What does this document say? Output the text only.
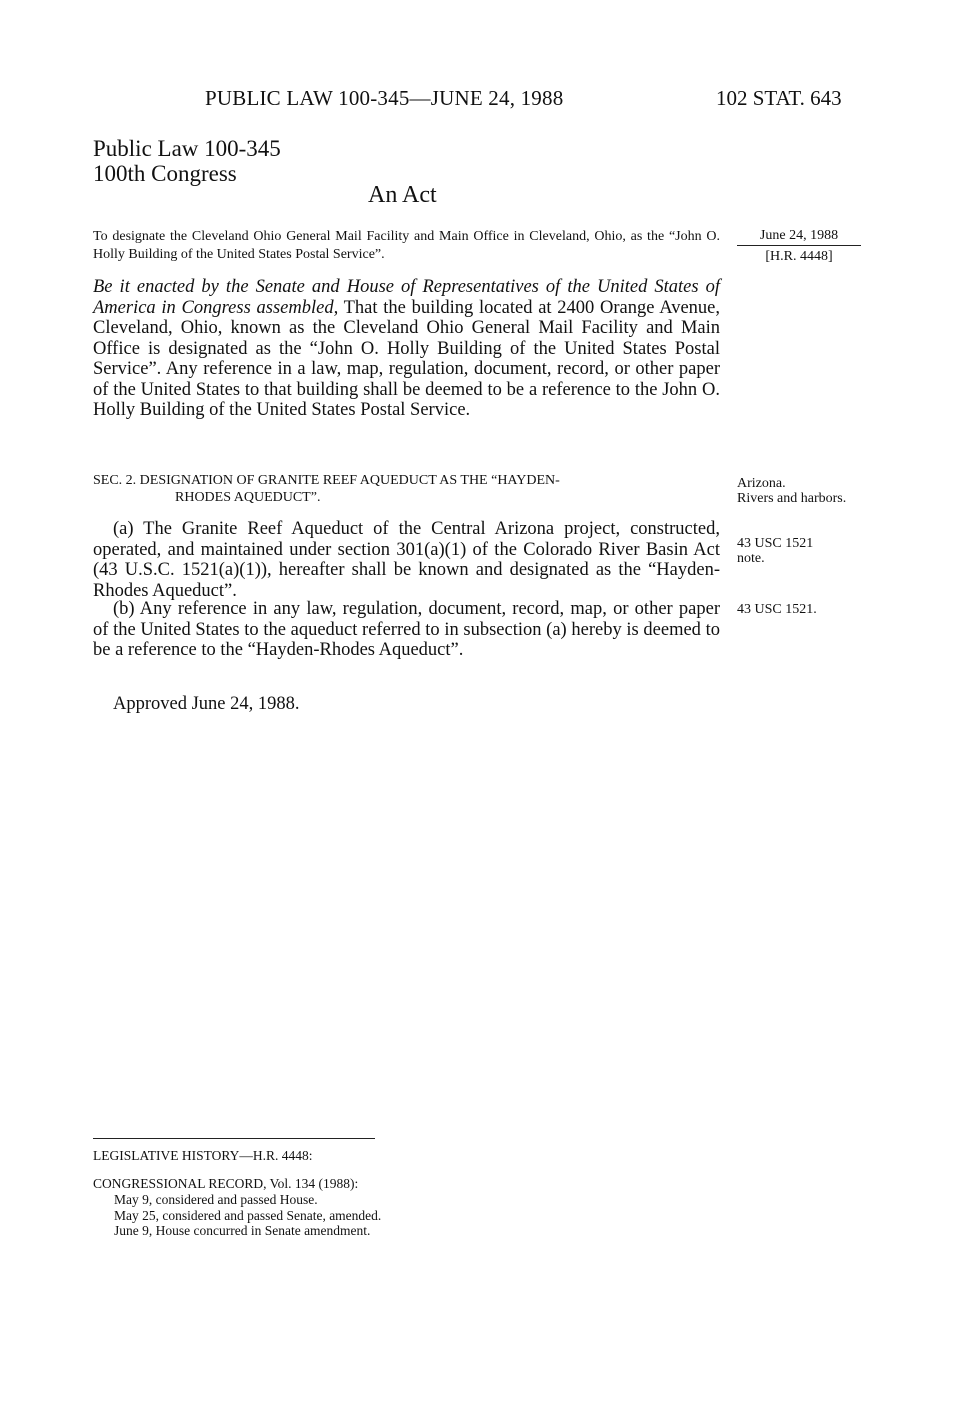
PUBLIC LAW 100-345—JUNE 24, 1988	102 STAT. 643
Public Law 100-345
100th Congress
An Act
To designate the Cleveland Ohio General Mail Facility and Main Office in Cleveland, Ohio, as the “John O. Holly Building of the United States Postal Service”.
June 24, 1988
[H.R. 4448]

Be it enacted by the Senate and House of Representatives of the United States of America in Congress assembled, That the building located at 2400 Orange Avenue, Cleveland, Ohio, known as the Cleveland Ohio General Mail Facility and Main Office is designated as the “John O. Holly Building of the United States Postal Service”. Any reference in a law, map, regulation, document, record, or other paper of the United States to that building shall be deemed to be a reference to the John O. Holly Building of the United States Postal Service.

SEC. 2. DESIGNATION OF GRANITE REEF AQUEDUCT AS THE “HAYDEN-
RHODES AQUEDUCT”.

(a) The Granite Reef Aqueduct of the Central Arizona project, constructed, operated, and maintained under section 301(a)(1) of the Colorado River Basin Act (43 U.S.C. 1521(a)(1)), hereafter shall be known and designated as the “Hayden-Rhodes Aqueduct”.

(b) Any reference in any law, regulation, document, record, map, or other paper of the United States to the aqueduct referred to in subsection (a) hereby is deemed to be a reference to the “Hayden-Rhodes Aqueduct”.

Arizona.
Rivers and harbors.
43 USC 1521
note.
43 USC 1521.
Approved June 24, 1988.
LEGISLATIVE HISTORY—H.R. 4448:
CONGRESSIONAL RECORD, Vol. 134 (1988):
May 9, considered and passed House.
May 25, considered and passed Senate, amended.
June 9, House concurred in Senate amendment.
